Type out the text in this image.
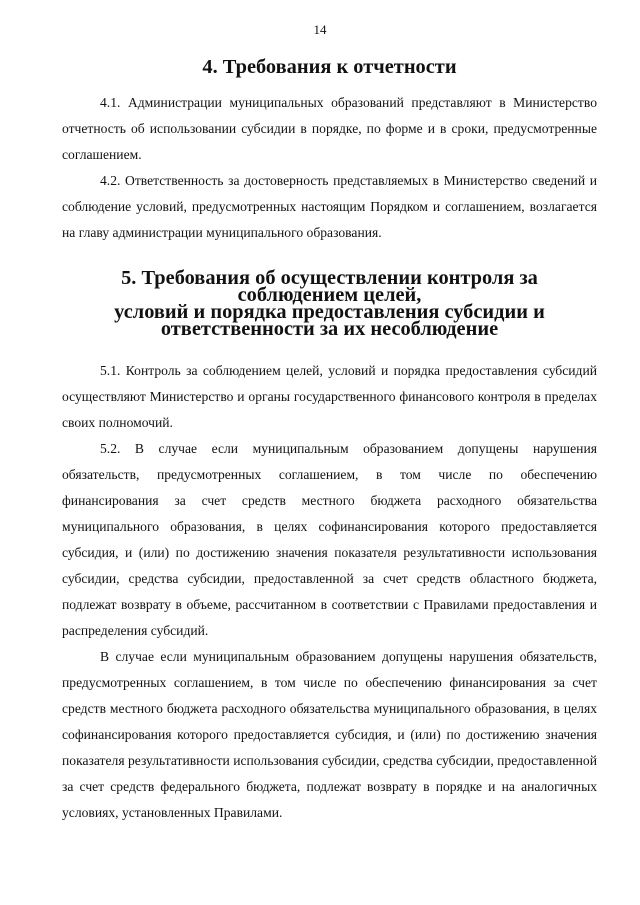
14
4. Требования к отчетности

4.1. Администрации муниципальных образований представляют в Министерство отчетность об использовании субсидии в порядке, по форме и в сроки, предусмотренные соглашением.

4.2. Ответственность за достоверность представляемых в Министерство сведений и соблюдение условий, предусмотренных настоящим Порядком и соглашением, возлагается на главу администрации муниципального образования.

5. Требования об осуществлении контроля за соблюдением целей,
условий и порядка предоставления субсидии и
ответственности за их несоблюдение

5.1. Контроль за соблюдением целей, условий и порядка предоставления субсидий осуществляют Министерство и органы государственного финансового контроля в пределах своих полномочий.

5.2. В случае если муниципальным образованием допущены нарушения обязательств, предусмотренных соглашением, в том числе по обеспечению финансирования за счет средств местного бюджета расходного обязательства муниципального образования, в целях софинансирования которого предоставляется субсидия, и (или) по достижению значения показателя результативности использования субсидии, средства субсидии, предоставленной за счет средств областного бюджета, подлежат возврату в объеме, рассчитанном в соответствии с Правилами предоставления и распределения субсидий.

В случае если муниципальным образованием допущены нарушения обязательств, предусмотренных соглашением, в том числе по обеспечению финансирования за счет средств местного бюджета расходного обязательства муниципального образования, в целях софинансирования которого предоставляется субсидия, и (или) по достижению значения показателя результативности использования субсидии, средства субсидии, предоставленной за счет средств федерального бюджета, подлежат возврату в порядке и на аналогичных условиях, установленных Правилами.
